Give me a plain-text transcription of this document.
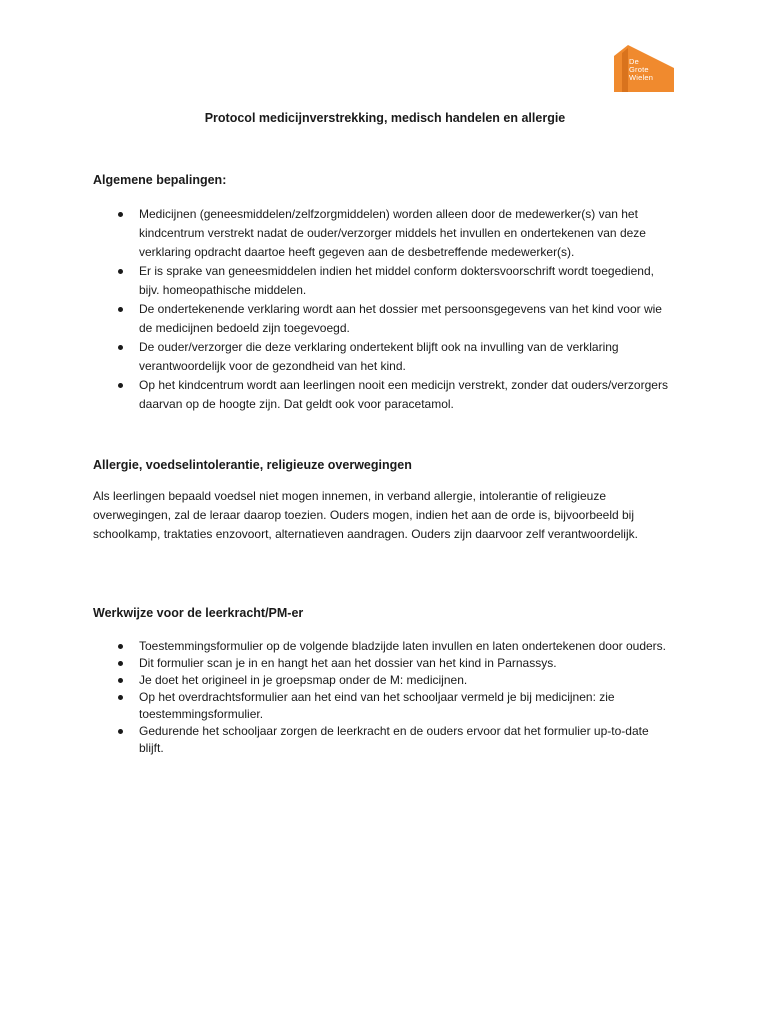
De
Grote
Wielen
Protocol medicijnverstrekking, medisch handelen en allergie
Algemene bepalingen:
Medicijnen (geneesmiddelen/zelfzorgmiddelen) worden alleen door de medewerker(s) van het kindcentrum verstrekt nadat de ouder/verzorger middels het invullen en ondertekenen van deze verklaring opdracht daartoe heeft gegeven aan de desbetreffende medewerker(s).
Er is sprake van geneesmiddelen indien het middel conform doktersvoorschrift wordt toegediend, bijv. homeopathische middelen.
De ondertekenende verklaring wordt aan het dossier met persoonsgegevens van het kind voor wie de medicijnen bedoeld zijn toegevoegd.
De ouder/verzorger die deze verklaring ondertekent blijft ook na invulling van de verklaring verantwoordelijk voor de gezondheid van het kind.
Op het kindcentrum wordt aan leerlingen nooit een medicijn verstrekt, zonder dat ouders/verzorgers daarvan op de hoogte zijn. Dat geldt ook voor paracetamol.
Allergie, voedselintolerantie, religieuze overwegingen

Als leerlingen bepaald voedsel niet mogen innemen, in verband allergie, intolerantie of religieuze overwegingen, zal de leraar daarop toezien. Ouders mogen, indien het aan de orde is, bijvoorbeeld bij schoolkamp, traktaties enzovoort, alternatieven aandragen. Ouders zijn daarvoor zelf verantwoordelijk.

Werkwijze voor de leerkracht/PM-er
Toestemmingsformulier op de volgende bladzijde laten invullen en laten ondertekenen door ouders.
Dit formulier scan je in en hangt het aan het dossier van het kind in Parnassys.
Je doet het origineel in je groepsmap onder de M: medicijnen.
Op het overdrachtsformulier aan het eind van het schooljaar vermeld je bij medicijnen: zie toestemmingsformulier.
Gedurende het schooljaar zorgen de leerkracht en de ouders ervoor dat het formulier up-to-date blijft.
